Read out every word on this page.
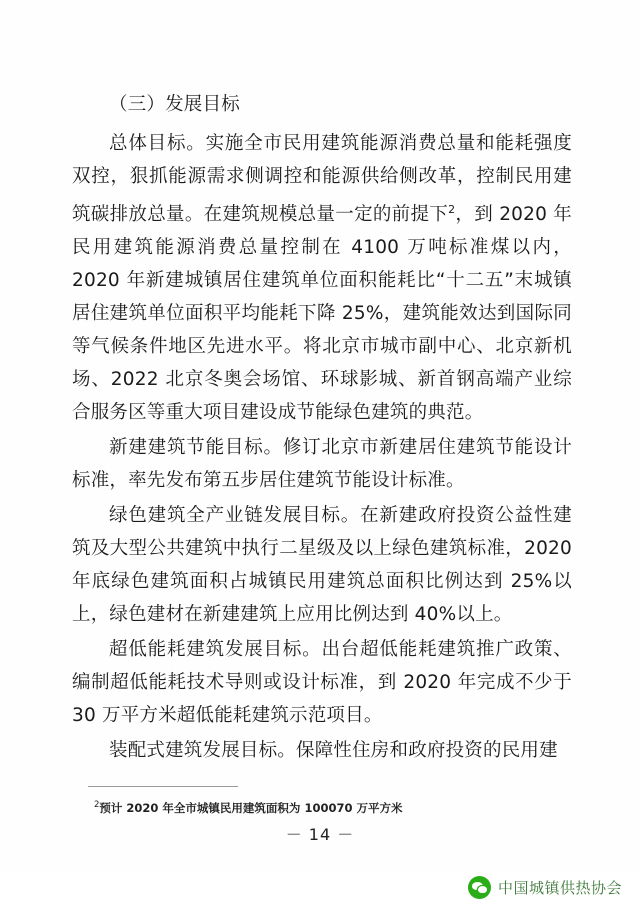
（三）发展目标

总体目标。实施全市民用建筑能源消费总量和能耗强度双控，狠抓能源需求侧调控和能源供给侧改革，控制民用建筑碳排放总量。在建筑规模总量一定的前提下$^2$，到 2020 年民用建筑能源消费总量控制在 4100 万吨标准煤以内，2020 年新建城镇居住建筑单位面积能耗比“十二五”末城镇居住建筑单位面积平均能耗下降 25%，建筑能效达到国际同等气候条件地区先进水平。将北京市城市副中心、北京新机场、2022 北京冬奥会场馆、环球影城、新首钢高端产业综合服务区等重大项目建设成节能绿色建筑的典范。

新建建筑节能目标。修订北京市新建居住建筑节能设计标准，率先发布第五步居住建筑节能设计标准。

绿色建筑全产业链发展目标。在新建政府投资公益性建筑及大型公共建筑中执行二星级及以上绿色建筑标准，2020 年底绿色建筑面积占城镇民用建筑总面积比例达到 25%以上，绿色建材在新建建筑上应用比例达到 40%以上。

超低能耗建筑发展目标。出台超低能耗建筑推广政策、编制超低能耗技术导则或设计标准，到 2020 年完成不少于 30 万平方米超低能耗建筑示范项目。

装配式建筑发展目标。保障性住房和政府投资的民用建

$^2$预计 2020 年全市城镇民用建筑面积为 100070 万平方米
－ 14 －
中国城镇供热协会
